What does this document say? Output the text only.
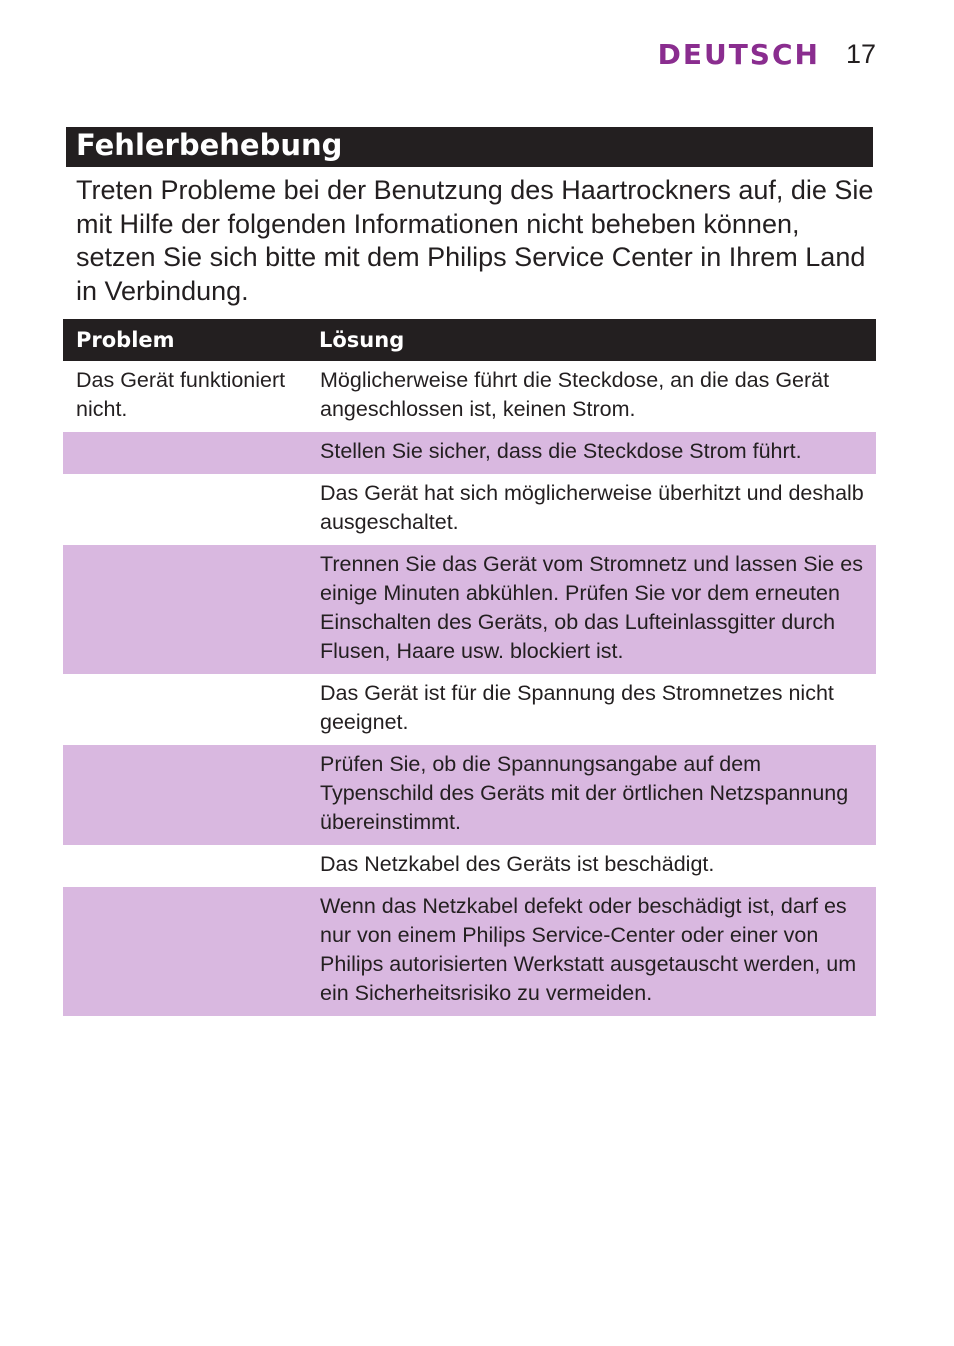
DEUTSCH 17
Fehlerbehebung

Treten Probleme bei der Benutzung des Haartrockners auf, die Sie mit Hilfe der folgenden Informationen nicht beheben können, setzen Sie sich bitte mit dem Philips Service Center in Ihrem Land in Verbindung.

Problem	Lösung
Das Gerät funktioniert nicht.	Möglicherweise führt die Steckdose, an die das Gerät angeschlossen ist, keinen Strom.
	Stellen Sie sicher, dass die Steckdose Strom führt.
	Das Gerät hat sich möglicherweise überhitzt und deshalb ausgeschaltet.
	Trennen Sie das Gerät vom Stromnetz und lassen Sie es einige Minuten abkühlen. Prüfen Sie vor dem erneuten Einschalten des Geräts, ob das Lufteinlassgitter durch Flusen, Haare usw. blockiert ist.
	Das Gerät ist für die Spannung des Stromnetzes nicht geeignet.
	Prüfen Sie, ob die Spannungsangabe auf dem Typenschild des Geräts mit der örtlichen Netzspannung übereinstimmt.
	Das Netzkabel des Geräts ist beschädigt.
	Wenn das Netzkabel defekt oder beschädigt ist, darf es nur von einem Philips Service-Center oder einer von Philips autorisierten Werkstatt ausgetauscht werden, um ein Sicherheitsrisiko zu vermeiden.
